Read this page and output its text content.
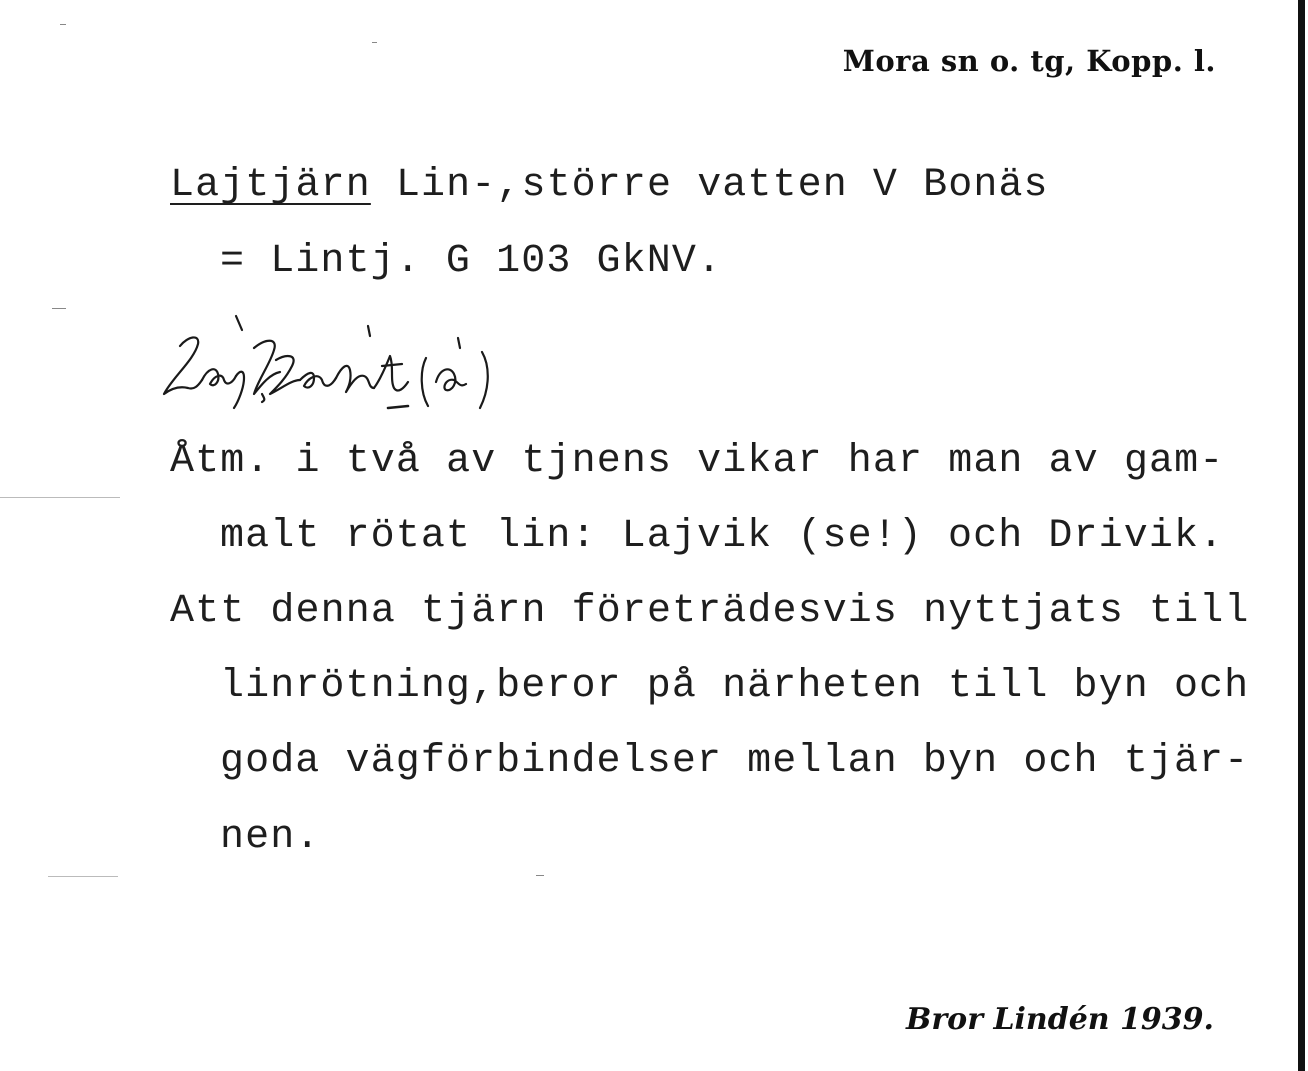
Mora sn o. tg, Kopp. l.
Lajtjärn Lin-,större vatten V Bonäs
= Lintj. G 103 GkNV.
Åtm. i två av tjnens vikar har man av gam-
malt rötat lin: Lajvik (se!) och Drivik.
Att denna tjärn företrädesvis nyttjats till
linrötning,beror på närheten till byn och
goda vägförbindelser mellan byn och tjär-
nen.
Bror Lindén 1939.
